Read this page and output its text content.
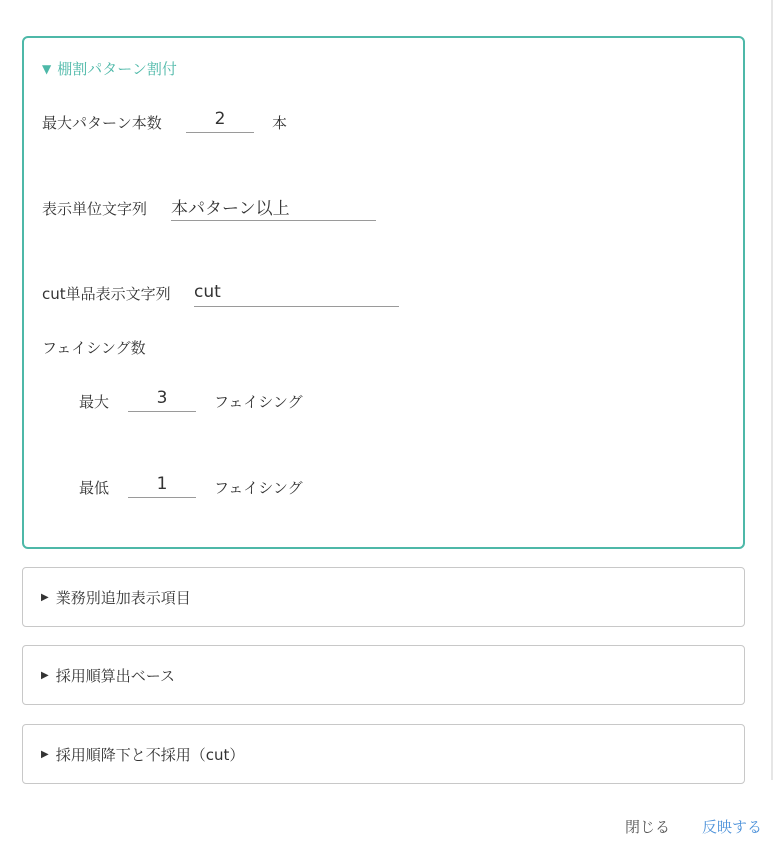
▼ 棚割パターン割付
最大パターン本数
2	本
表示単位文字列
本パターン以上
cut単品表示文字列
cut
フェイシング数
最大
3	フェイシング
最低
1	フェイシング
▶ 業務別追加表示項目
▶ 採用順算出ベース
▶ 採用順降下と不採用（cut）
閉じる 反映する
